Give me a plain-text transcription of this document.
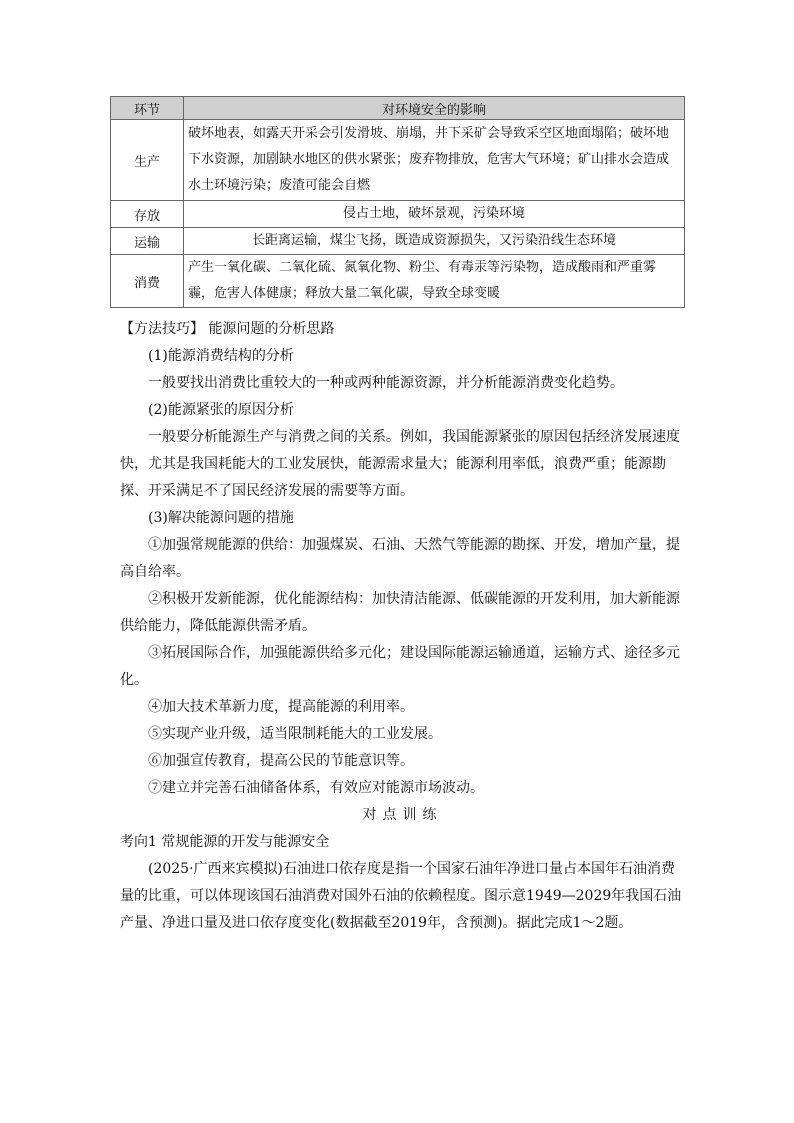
环节	对环境安全的影响
生产	破坏地表，如露天开采会引发滑坡、崩塌，井下采矿会导致采空区地面塌陷；破坏地下水资源，加剧缺水地区的供水紧张；废弃物排放，危害大气环境；矿山排水会造成水土环境污染；废渣可能会自燃
存放	侵占土地，破坏景观，污染环境
运输	长距离运输，煤尘飞扬，既造成资源损失，又污染沿线生态环境
消费	产生一氧化碳、二氧化硫、氮氧化物、粉尘、有毒汞等污染物，造成酸雨和严重雾霾，危害人体健康；释放大量二氧化碳，导致全球变暖
【方法技巧】 能源问题的分析思路
(1)能源消费结构的分析
一般要找出消费比重较大的一种或两种能源资源，并分析能源消费变化趋势。
(2)能源紧张的原因分析
一般要分析能源生产与消费之间的关系。例如，我国能源紧张的原因包括经济发展速度快，尤其是我国耗能大的工业发展快，能源需求量大；能源利用率低，浪费严重；能源勘探、开采满足不了国民经济发展的需要等方面。
(3)解决能源问题的措施
①加强常规能源的供给：加强煤炭、石油、天然气等能源的勘探、开发，增加产量，提高自给率。
②积极开发新能源，优化能源结构：加快清洁能源、低碳能源的开发利用，加大新能源供给能力，降低能源供需矛盾。
③拓展国际合作，加强能源供给多元化；建设国际能源运输通道，运输方式、途径多元化。
④加大技术革新力度，提高能源的利用率。
⑤实现产业升级，适当限制耗能大的工业发展。
⑥加强宣传教育，提高公民的节能意识等。
⑦建立并完善石油储备体系，有效应对能源市场波动。
对点训练
考向1 常规能源的开发与能源安全
(2025·广西来宾模拟)石油进口依存度是指一个国家石油年净进口量占本国年石油消费量的比重，可以体现该国石油消费对国外石油的依赖程度。图示意1949—2029年我国石油产量、净进口量及进口依存度变化(数据截至2019年，含预测)。据此完成1～2题。
